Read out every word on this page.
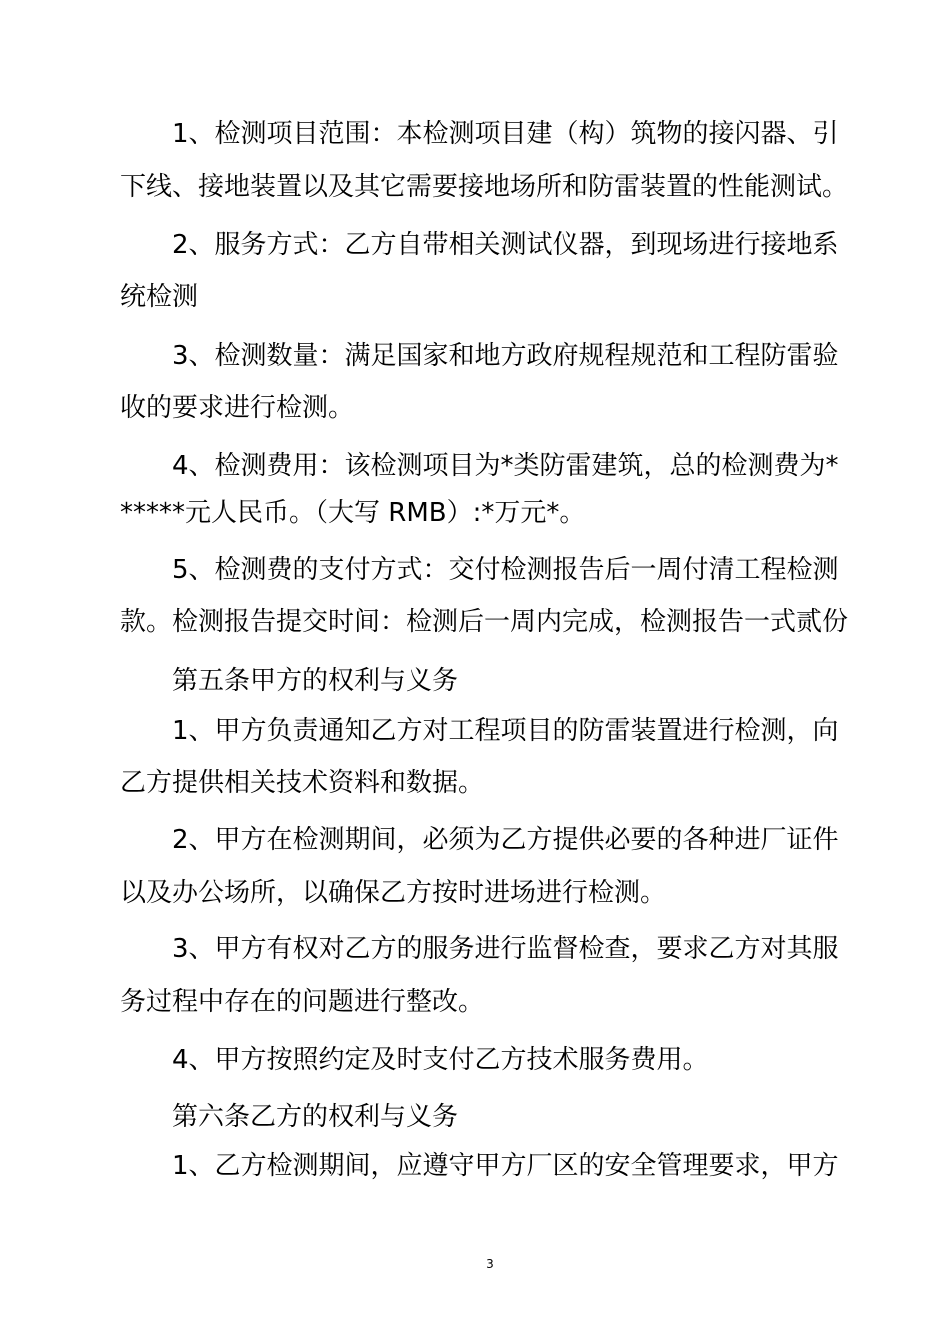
1、检测项目范围：本检测项目建（构）筑物的接闪器、引
下线、接地装置以及其它需要接地场所和防雷装置的性能测试。
2、服务方式：乙方自带相关测试仪器，到现场进行接地系
统检测
3、检测数量：满足国家和地方政府规程规范和工程防雷验
收的要求进行检测。
4、检测费用：该检测项目为*类防雷建筑，总的检测费为*
*****元人民币。（大写 RMB）:*万元*。
5、检测费的支付方式：交付检测报告后一周付清工程检测
款。检测报告提交时间：检测后一周内完成，检测报告一式贰份
第五条甲方的权利与义务
1、甲方负责通知乙方对工程项目的防雷装置进行检测，向
乙方提供相关技术资料和数据。
2、甲方在检测期间，必须为乙方提供必要的各种进厂证件
以及办公场所，以确保乙方按时进场进行检测。
3、甲方有权对乙方的服务进行监督检查，要求乙方对其服
务过程中存在的问题进行整改。
4、甲方按照约定及时支付乙方技术服务费用。
第六条乙方的权利与义务
1、乙方检测期间，应遵守甲方厂区的安全管理要求，甲方
3
